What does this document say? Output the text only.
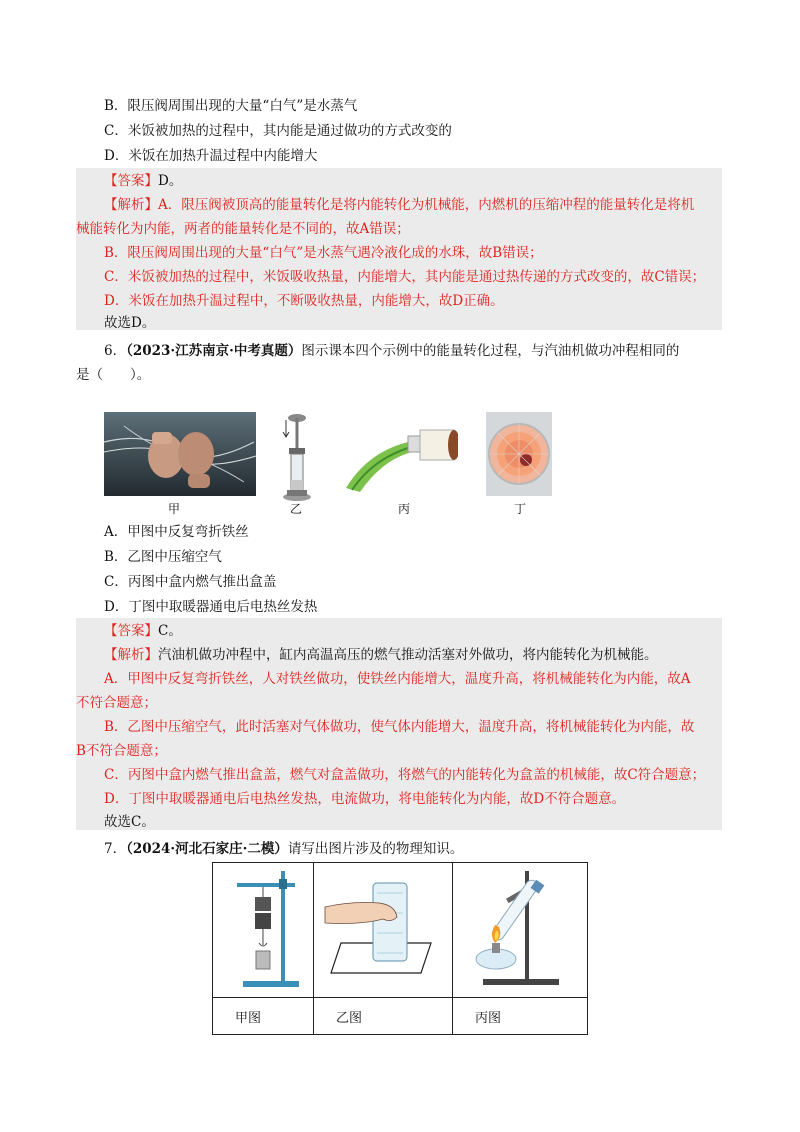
B．限压阀周围出现的大量“白气”是水蒸气
C．米饭被加热的过程中，其内能是通过做功的方式改变的
D．米饭在加热升温过程中内能增大
【答案】D。
【解析】A．限压阀被顶高的能量转化是将内能转化为机械能，内燃机的压缩冲程的能量转化是将机
械能转化为内能，两者的能量转化是不同的，故A错误；
B．限压阀周围出现的大量“白气”是水蒸气遇冷液化成的水珠，故B错误；
C．米饭被加热的过程中，米饭吸收热量，内能增大，其内能是通过热传递的方式改变的，故C错误；
D．米饭在加热升温过程中，不断吸收热量，内能增大，故D正确。
故选D。
6．（2023·江苏南京·中考真题）图示课本四个示例中的能量转化过程，与汽油机做功冲程相同的
是（　　）。
甲	乙	丙	丁
A．甲图中反复弯折铁丝
B．乙图中压缩空气
C．丙图中盒内燃气推出盒盖
D．丁图中取暖器通电后电热丝发热
【答案】C。
【解析】汽油机做功冲程中，缸内高温高压的燃气推动活塞对外做功，将内能转化为机械能。
A．甲图中反复弯折铁丝，人对铁丝做功，使铁丝内能增大，温度升高，将机械能转化为内能，故A
不符合题意；
B．乙图中压缩空气，此时活塞对气体做功，使气体内能增大，温度升高，将机械能转化为内能，故
B不符合题意；
C．丙图中盒内燃气推出盒盖，燃气对盒盖做功，将燃气的内能转化为盒盖的机械能，故C符合题意；
D．丁图中取暖器通电后电热丝发热，电流做功，将电能转化为内能，故D不符合题意。
故选C。
7．（2024·河北石家庄·二模）请写出图片涉及的物理知识。

甲图	乙图	丙图
